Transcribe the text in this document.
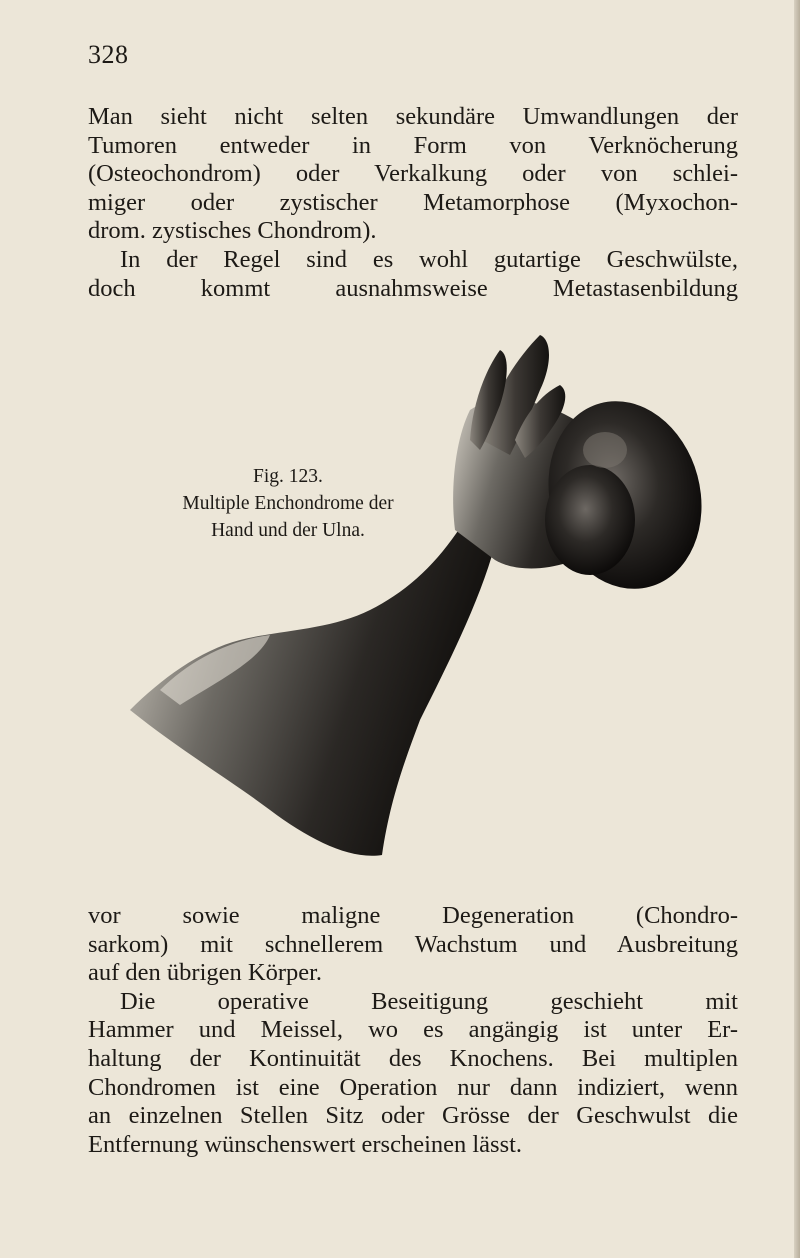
328
Man sieht nicht selten sekundäre Umwandlungen der
Tumoren entweder in Form von Verknöcherung
(Osteochondrom) oder Verkalkung oder von schlei-
miger oder zystischer Metamorphose (Myxochon-
drom. zystisches Chondrom).
In der Regel sind es wohl gutartige Geschwülste,
doch kommt ausnahmsweise Metastasenbildung
Fig. 123.
Multiple Enchondrome der
Hand und der Ulna.
vor sowie maligne Degeneration (Chondro-
sarkom) mit schnellerem Wachstum und Ausbreitung
auf den übrigen Körper.
Die operative Beseitigung geschieht mit
Hammer und Meissel, wo es angängig ist unter Er-
haltung der Kontinuität des Knochens. Bei multiplen
Chondromen ist eine Operation nur dann indiziert, wenn
an einzelnen Stellen Sitz oder Grösse der Geschwulst die
Entfernung wünschenswert erscheinen lässt.
